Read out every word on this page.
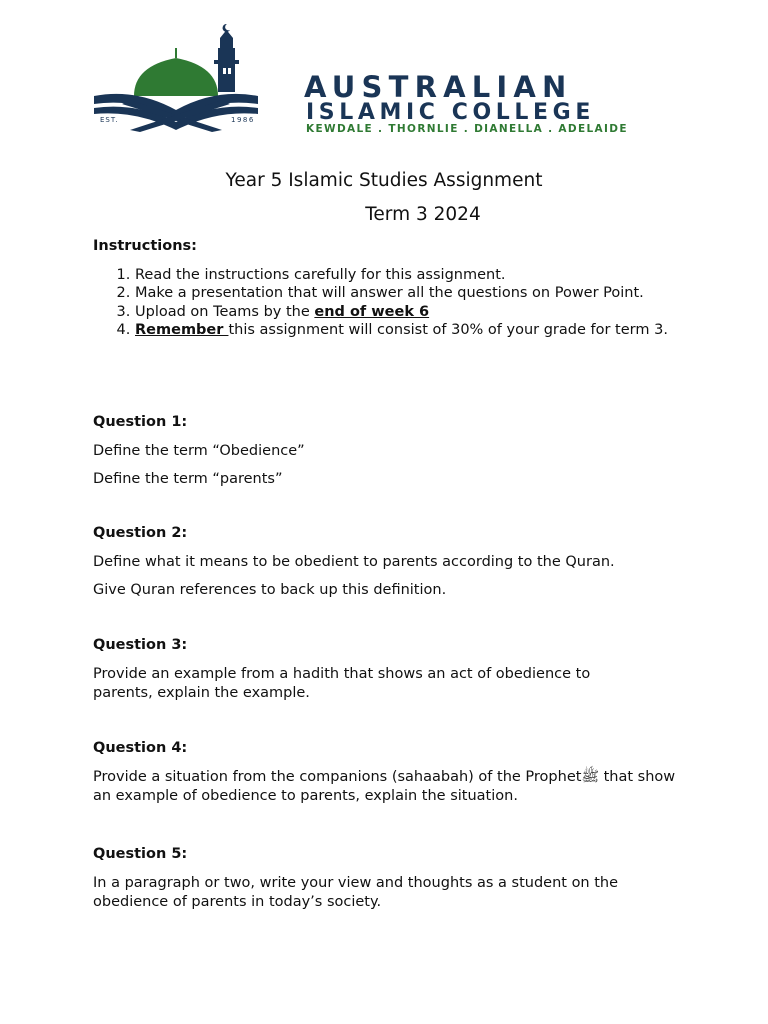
EST.	1986
AUSTRALIAN
ISLAMIC COLLEGE
KEWDALE . THORNLIE . DIANELLA . ADELAIDE
Year 5 Islamic Studies Assignment
Term 3 2024
Instructions:
1. Read the instructions carefully for this assignment.
2. Make a presentation that will answer all the questions on Power Point.
3. Upload on Teams by the end of week 6
4. Remember this assignment will consist of 30% of your grade for term 3.
Question 1:
Define the term “Obedience”
Define the term “parents”
Question 2:
Define what it means to be obedient to parents according to the Quran.
Give Quran references to back up this definition.
Question 3:
Provide an example from a hadith that shows an act of obedience to parents, explain the example.
Question 4:
Provide a situation from the companions (sahaabah) of the Prophetﷺ that show an example of obedience to parents, explain the situation.
Question 5:
In a paragraph or two, write your view and thoughts as a student on the obedience of parents in today’s society.
